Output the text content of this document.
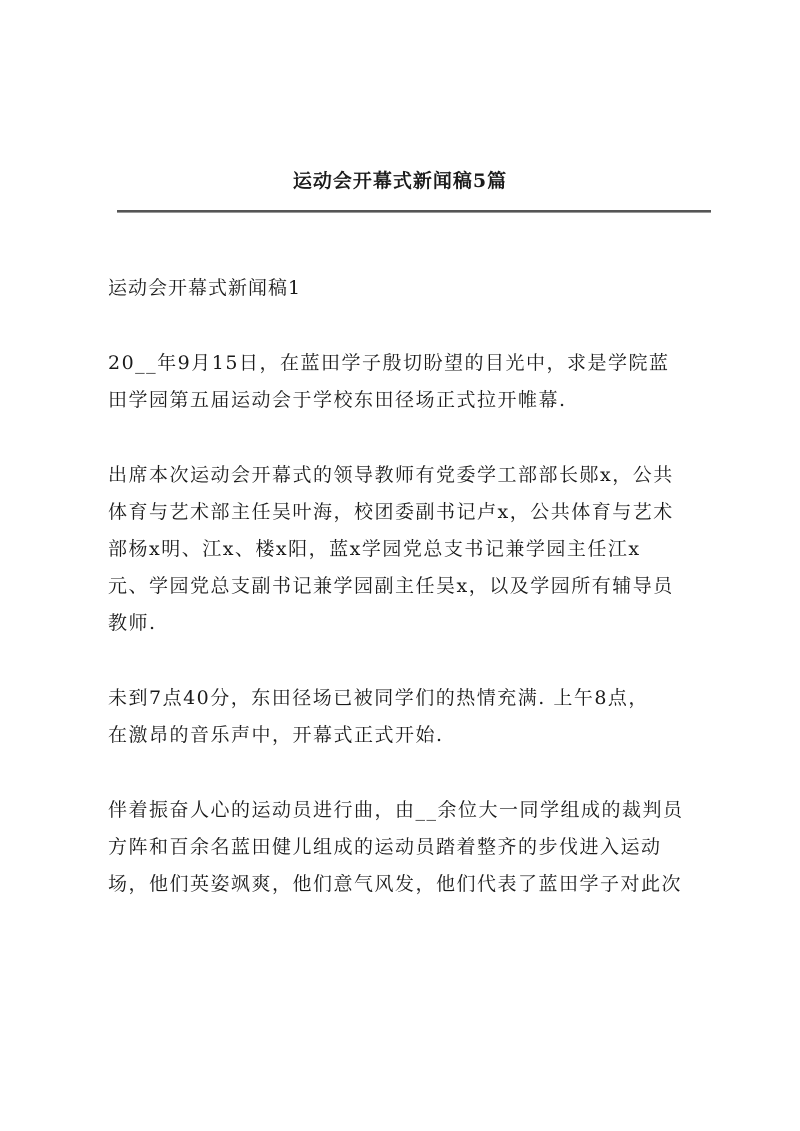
运动会开幕式新闻稿5篇
运动会开幕式新闻稿1
20__年9月15日，在蓝田学子殷切盼望的目光中，求是学院蓝
田学园第五届运动会于学校东田径场正式拉开帷幕.
出席本次运动会开幕式的领导教师有党委学工部部长郧x，公共
体育与艺术部主任吴叶海，校团委副书记卢x，公共体育与艺术
部杨x明、江x、楼x阳，蓝x学园党总支书记兼学园主任江x
元、学园党总支副书记兼学园副主任吴x，以及学园所有辅导员
教师.
未到7点40分，东田径场已被同学们的热情充满. 上午8点，
在激昂的音乐声中，开幕式正式开始.
伴着振奋人心的运动员进行曲，由__余位大一同学组成的裁判员
方阵和百余名蓝田健儿组成的运动员踏着整齐的步伐进入运动
场，他们英姿飒爽，他们意气风发，他们代表了蓝田学子对此次
